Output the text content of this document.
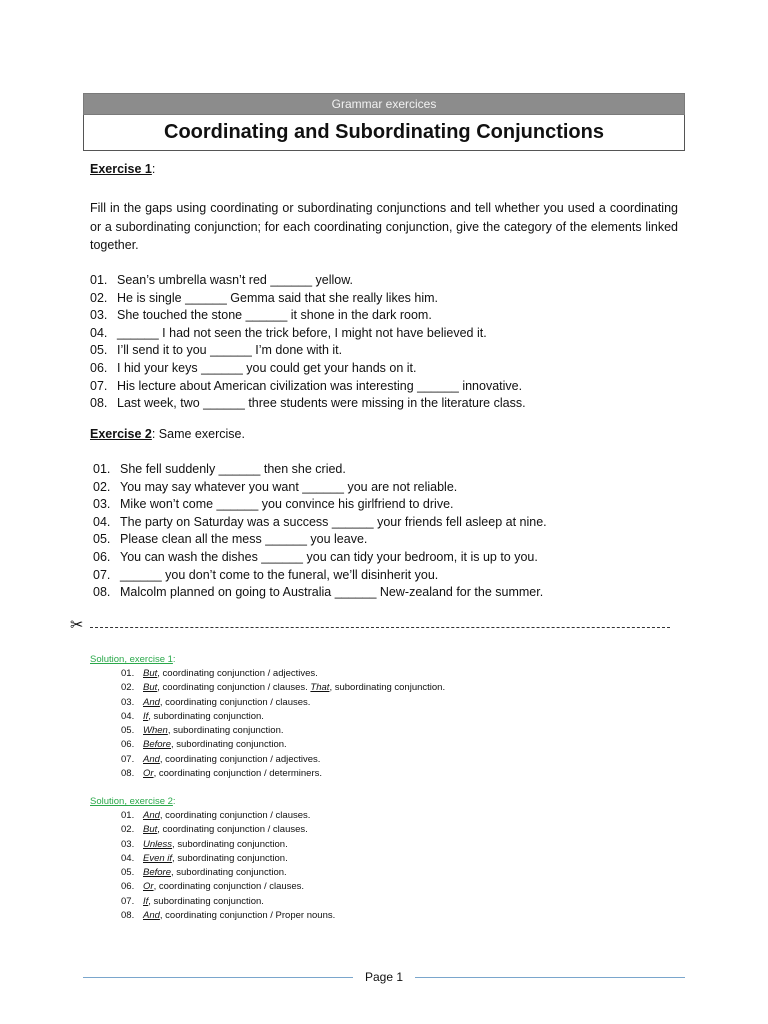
Grammar exercices
Coordinating and Subordinating Conjunctions
Exercise 1:
Fill in the gaps using coordinating or subordinating conjunctions and tell whether you used a coordinating or a subordinating conjunction; for each coordinating conjunction, give the category of the elements linked together.
01. Sean’s umbrella wasn’t red ______ yellow.
02. He is single ______ Gemma said that she really likes him.
03. She touched the stone ______ it shone in the dark room.
04. ______ I had not seen the trick before, I might not have believed it.
05. I’ll send it to you ______ I’m done with it.
06. I hid your keys ______ you could get your hands on it.
07. His lecture about American civilization was interesting ______ innovative.
08. Last week, two ______ three students were missing in the literature class.
Exercise 2: Same exercise.
01. She fell suddenly ______ then she cried.
02. You may say whatever you want ______ you are not reliable.
03. Mike won’t come ______ you convince his girlfriend to drive.
04. The party on Saturday was a success ______ your friends fell asleep at nine.
05. Please clean all the mess ______ you leave.
06. You can wash the dishes ______ you can tidy your bedroom, it is up to you.
07. ______ you don’t come to the funeral, we’ll disinherit you.
08. Malcolm planned on going to Australia ______ New-zealand for the summer.
✂
Solution, exercise 1:
01. But, coordinating conjunction / adjectives.
02. But, coordinating conjunction / clauses. That, subordinating conjunction.
03. And, coordinating conjunction / clauses.
04. If, subordinating conjunction.
05. When, subordinating conjunction.
06. Before, subordinating conjunction.
07. And, coordinating conjunction / adjectives.
08. Or, coordinating conjunction / determiners.
Solution, exercise 2:
01. And, coordinating conjunction / clauses.
02. But, coordinating conjunction / clauses.
03. Unless, subordinating conjunction.
04. Even if, subordinating conjunction.
05. Before, subordinating conjunction.
06. Or, coordinating conjunction / clauses.
07. If, subordinating conjunction.
08. And, coordinating conjunction / Proper nouns.
Page 1
